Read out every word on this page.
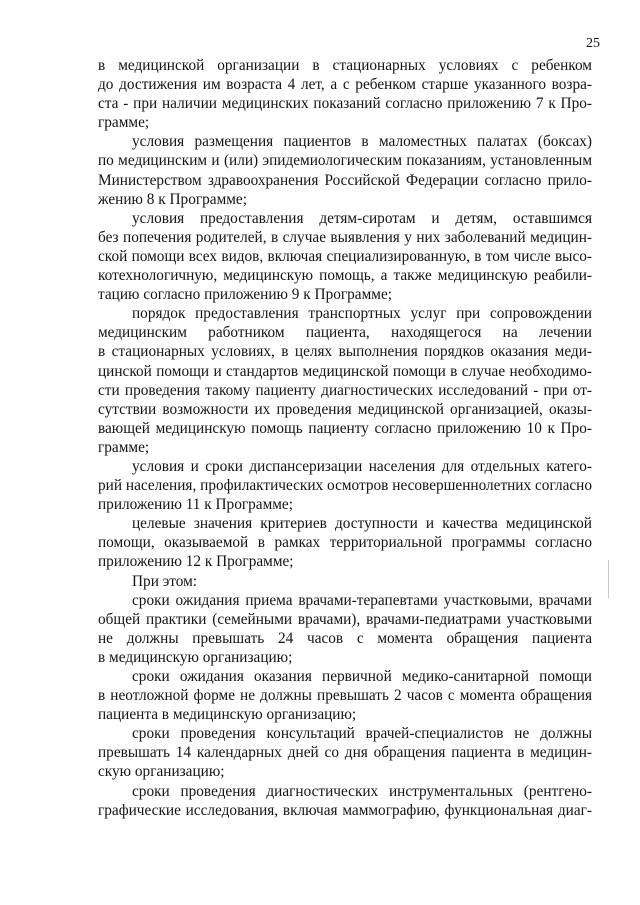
25
в медицинской организации в стационарных условиях с ребенком
до достижения им возраста 4 лет, а с ребенком старше указанного возра-
ста - при наличии медицинских показаний согласно приложению 7 к Про-
грамме;
условия размещения пациентов в маломестных палатах (боксах)
по медицинским и (или) эпидемиологическим показаниям, установленным
Министерством здравоохранения Российской Федерации согласно прило-
жению 8 к Программе;
условия предоставления детям-сиротам и детям, оставшимся
без попечения родителей, в случае выявления у них заболеваний медицин-
ской помощи всех видов, включая специализированную, в том числе высо-
котехнологичную, медицинскую помощь, а также медицинскую реабили-
тацию согласно приложению 9 к Программе;
порядок предоставления транспортных услуг при сопровождении
медицинским работником пациента, находящегося на лечении
в стационарных условиях, в целях выполнения порядков оказания меди-
цинской помощи и стандартов медицинской помощи в случае необходимо-
сти проведения такому пациенту диагностических исследований - при от-
сутствии возможности их проведения медицинской организацией, оказы-
вающей медицинскую помощь пациенту согласно приложению 10 к Про-
грамме;
условия и сроки диспансеризации населения для отдельных катего-
рий населения, профилактических осмотров несовершеннолетних согласно
приложению 11 к Программе;
целевые значения критериев доступности и качества медицинской
помощи, оказываемой в рамках территориальной программы согласно
приложению 12 к Программе;
При этом:
сроки ожидания приема врачами-терапевтами участковыми, врачами
общей практики (семейными врачами), врачами-педиатрами участковыми
не должны превышать 24 часов с момента обращения пациента
в медицинскую организацию;
сроки ожидания оказания первичной медико-санитарной помощи
в неотложной форме не должны превышать 2 часов с момента обращения
пациента в медицинскую организацию;
сроки проведения консультаций врачей-специалистов не должны
превышать 14 календарных дней со дня обращения пациента в медицин-
скую организацию;
сроки проведения диагностических инструментальных (рентгено-
графические исследования, включая маммографию, функциональная диаг-
